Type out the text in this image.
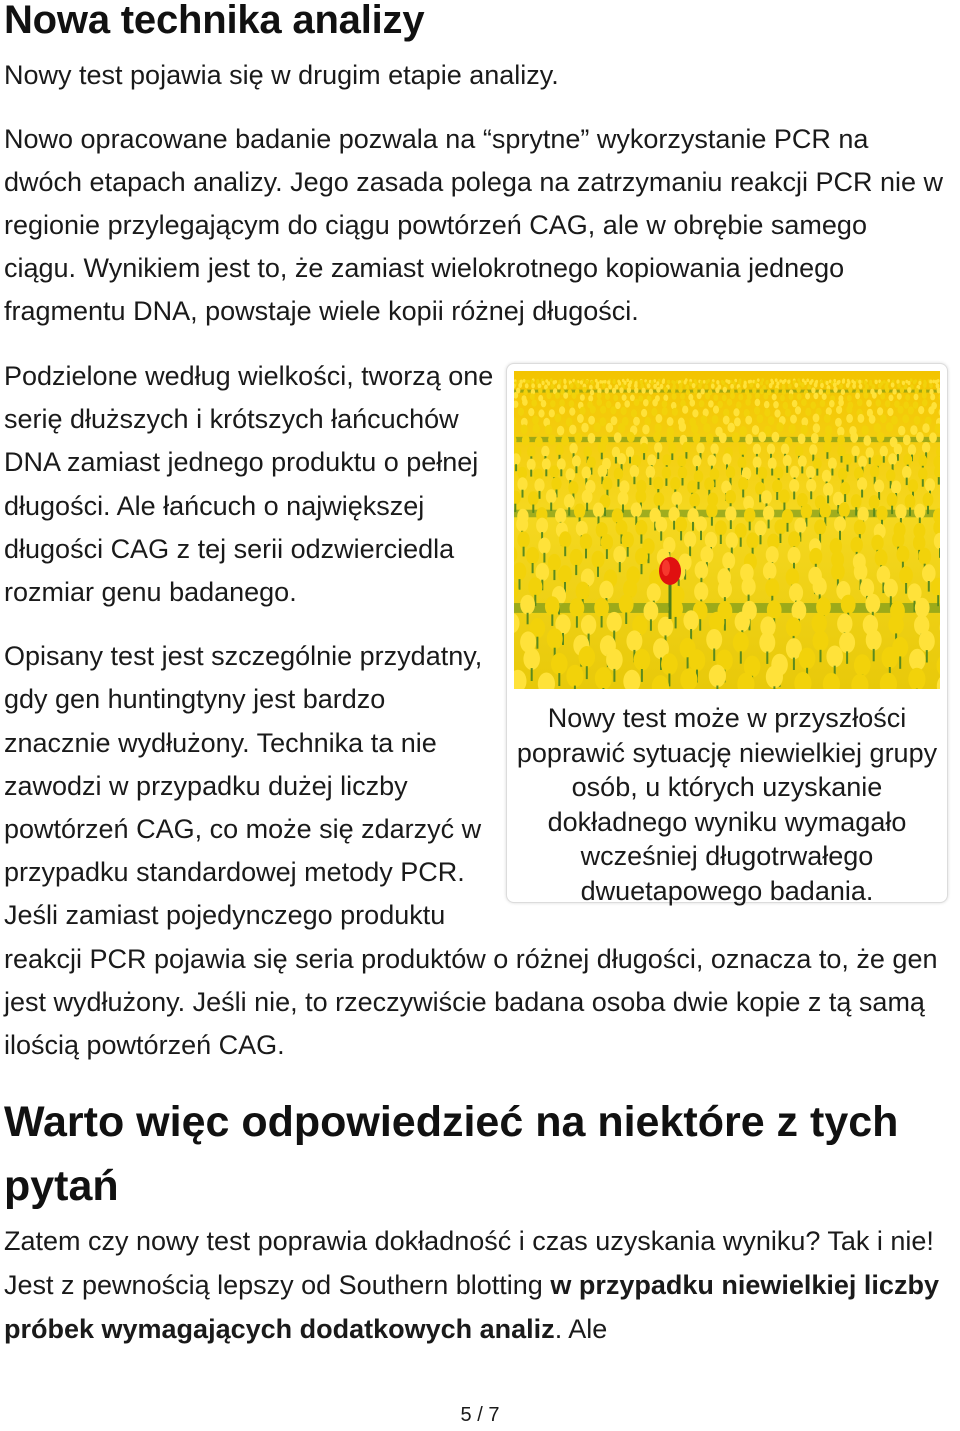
Nowa technika analizy

Nowy test pojawia się w drugim etapie analizy.

Nowo opracowane badanie pozwala na “sprytne” wykorzystanie PCR na dwóch etapach analizy. Jego zasada polega na zatrzymaniu reakcji PCR nie w regionie przylegającym do ciągu powtórzeń CAG, ale w obrębie samego ciągu. Wynikiem jest to, że zamiast wielokrotnego kopiowania jednego fragmentu DNA, powstaje wiele kopii różnej długości.

Nowy test może w przyszłości poprawić sytuację niewielkiej grupy osób, u których uzyskanie dokładnego wyniku wymagało wcześniej długotrwałego dwuetapowego badania.

Podzielone według wielkości, tworzą one serię dłuższych i krótszych łańcuchów DNA zamiast jednego produktu o pełnej długości. Ale łańcuch o największej długości CAG z tej serii odzwierciedla rozmiar genu badanego.

Opisany test jest szczególnie przydatny, gdy gen huntingtyny jest bardzo znacznie wydłużony. Technika ta nie zawodzi w przypadku dużej liczby powtórzeń CAG, co może się zdarzyć w przypadku standardowej metody PCR. Jeśli zamiast pojedynczego produktu reakcji PCR pojawia się seria produktów o różnej długości, oznacza to, że gen jest wydłużony. Jeśli nie, to rzeczywiście badana osoba dwie kopie z tą samą ilością powtórzeń CAG.

Warto więc odpowiedzieć na niektóre z tych pytań

Zatem czy nowy test poprawia dokładność i czas uzyskania wyniku? Tak i nie! Jest z pewnością lepszy od Southern blotting w przypadku niewielkiej liczby próbek wymagających dodatkowych analiz. Ale

5 / 7
